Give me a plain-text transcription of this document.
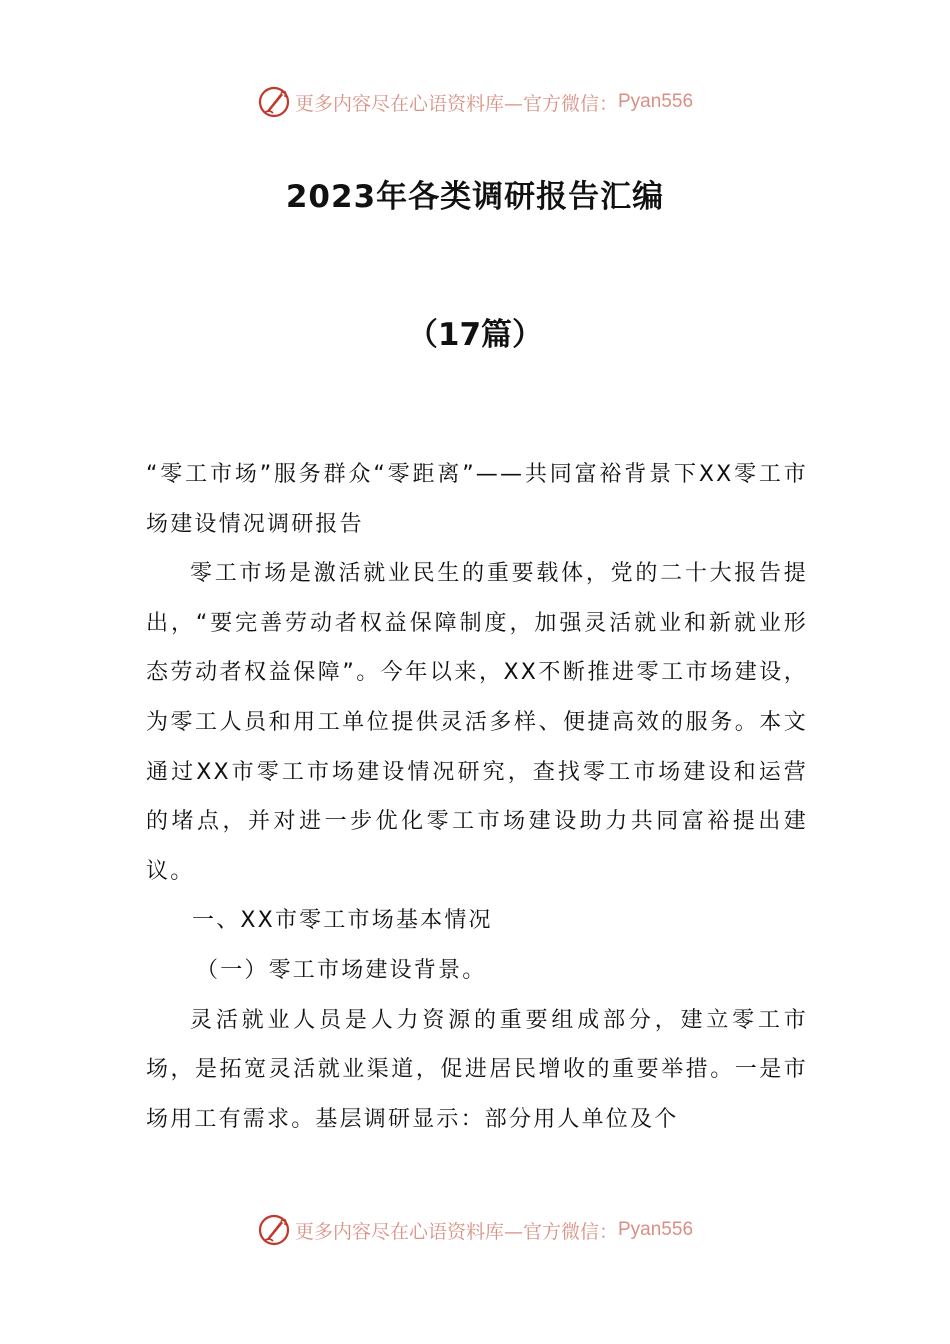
更多内容尽在心语资料库—官方微信： Pyan556
2023年各类调研报告汇编
（17篇）

“零工市场”服务群众“零距离”——共同富裕背景下XX零工市场建设情况调研报告

零工市场是激活就业民生的重要载体，党的二十大报告提出，“要完善劳动者权益保障制度，加强灵活就业和新就业形态劳动者权益保障”。今年以来，XX不断推进零工市场建设，为零工人员和用工单位提供灵活多样、便捷高效的服务。本文通过XX市零工市场建设情况研究，查找零工市场建设和运营的堵点，并对进一步优化零工市场建设助力共同富裕提出建议。

一、XX市零工市场基本情况

（一）零工市场建设背景。

灵活就业人员是人力资源的重要组成部分，建立零工市场，是拓宽灵活就业渠道，促进居民增收的重要举措。一是市场用工有需求。基层调研显示：部分用人单位及个

更多内容尽在心语资料库—官方微信： Pyan556
